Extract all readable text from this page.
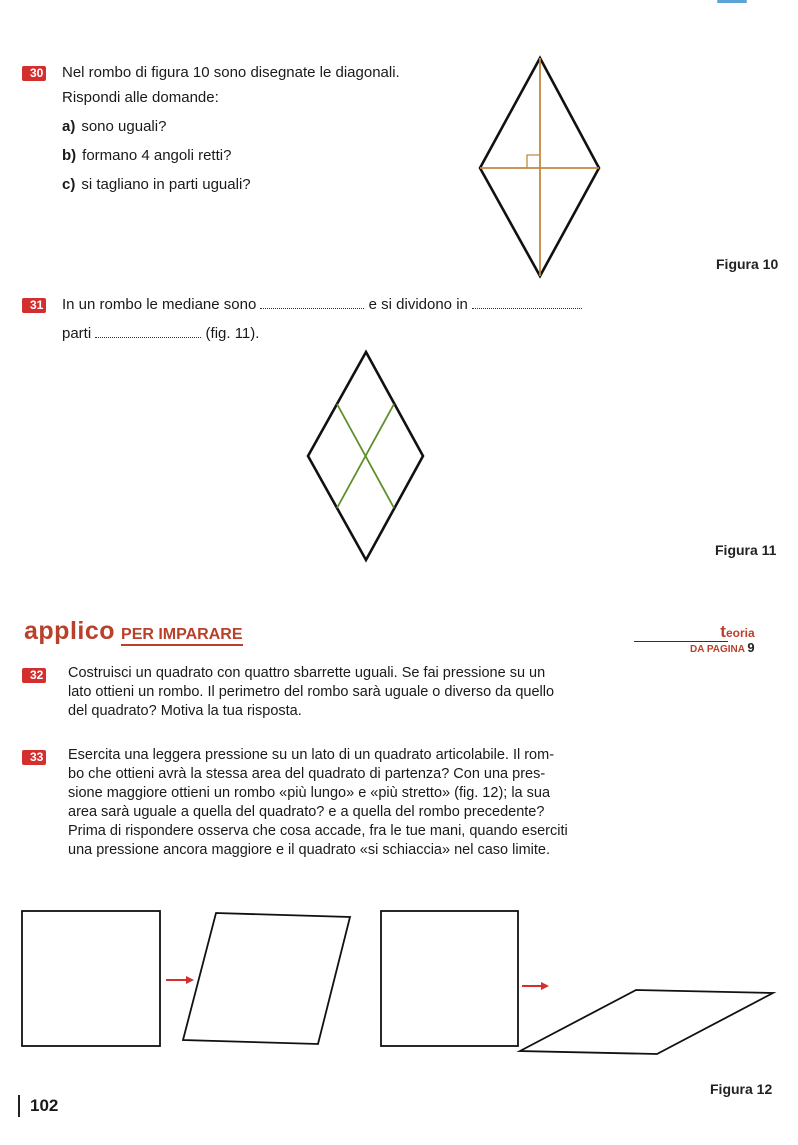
30 Nel rombo di figura 10 sono disegnate le diagonali.
Rispondi alle domande:
a) sono uguali?
b) formano 4 angoli retti?
c) si tagliano in parti uguali?
Figura 10
31 In un rombo le mediane sono	e si dividono in
parti	(fig. 11).
Figura 11
applico PER IMPARARE	teoria
DA PAGINA 9
32 Costruisci un quadrato con quattro sbarrette uguali. Se fai pressione su un
lato ottieni un rombo. Il perimetro del rombo sarà uguale o diverso da quello
del quadrato? Motiva la tua risposta.
33 Esercita una leggera pressione su un lato di un quadrato articolabile. Il rom-
bo che ottieni avrà la stessa area del quadrato di partenza? Con una pres-
sione maggiore ottieni un rombo «più lungo» e «più stretto» (fig. 12); la sua
area sarà uguale a quella del quadrato? e a quella del rombo precedente?
Prima di rispondere osserva che cosa accade, fra le tue mani, quando eserciti
una pressione ancora maggiore e il quadrato «si schiaccia» nel caso limite.
Figura 12
102
